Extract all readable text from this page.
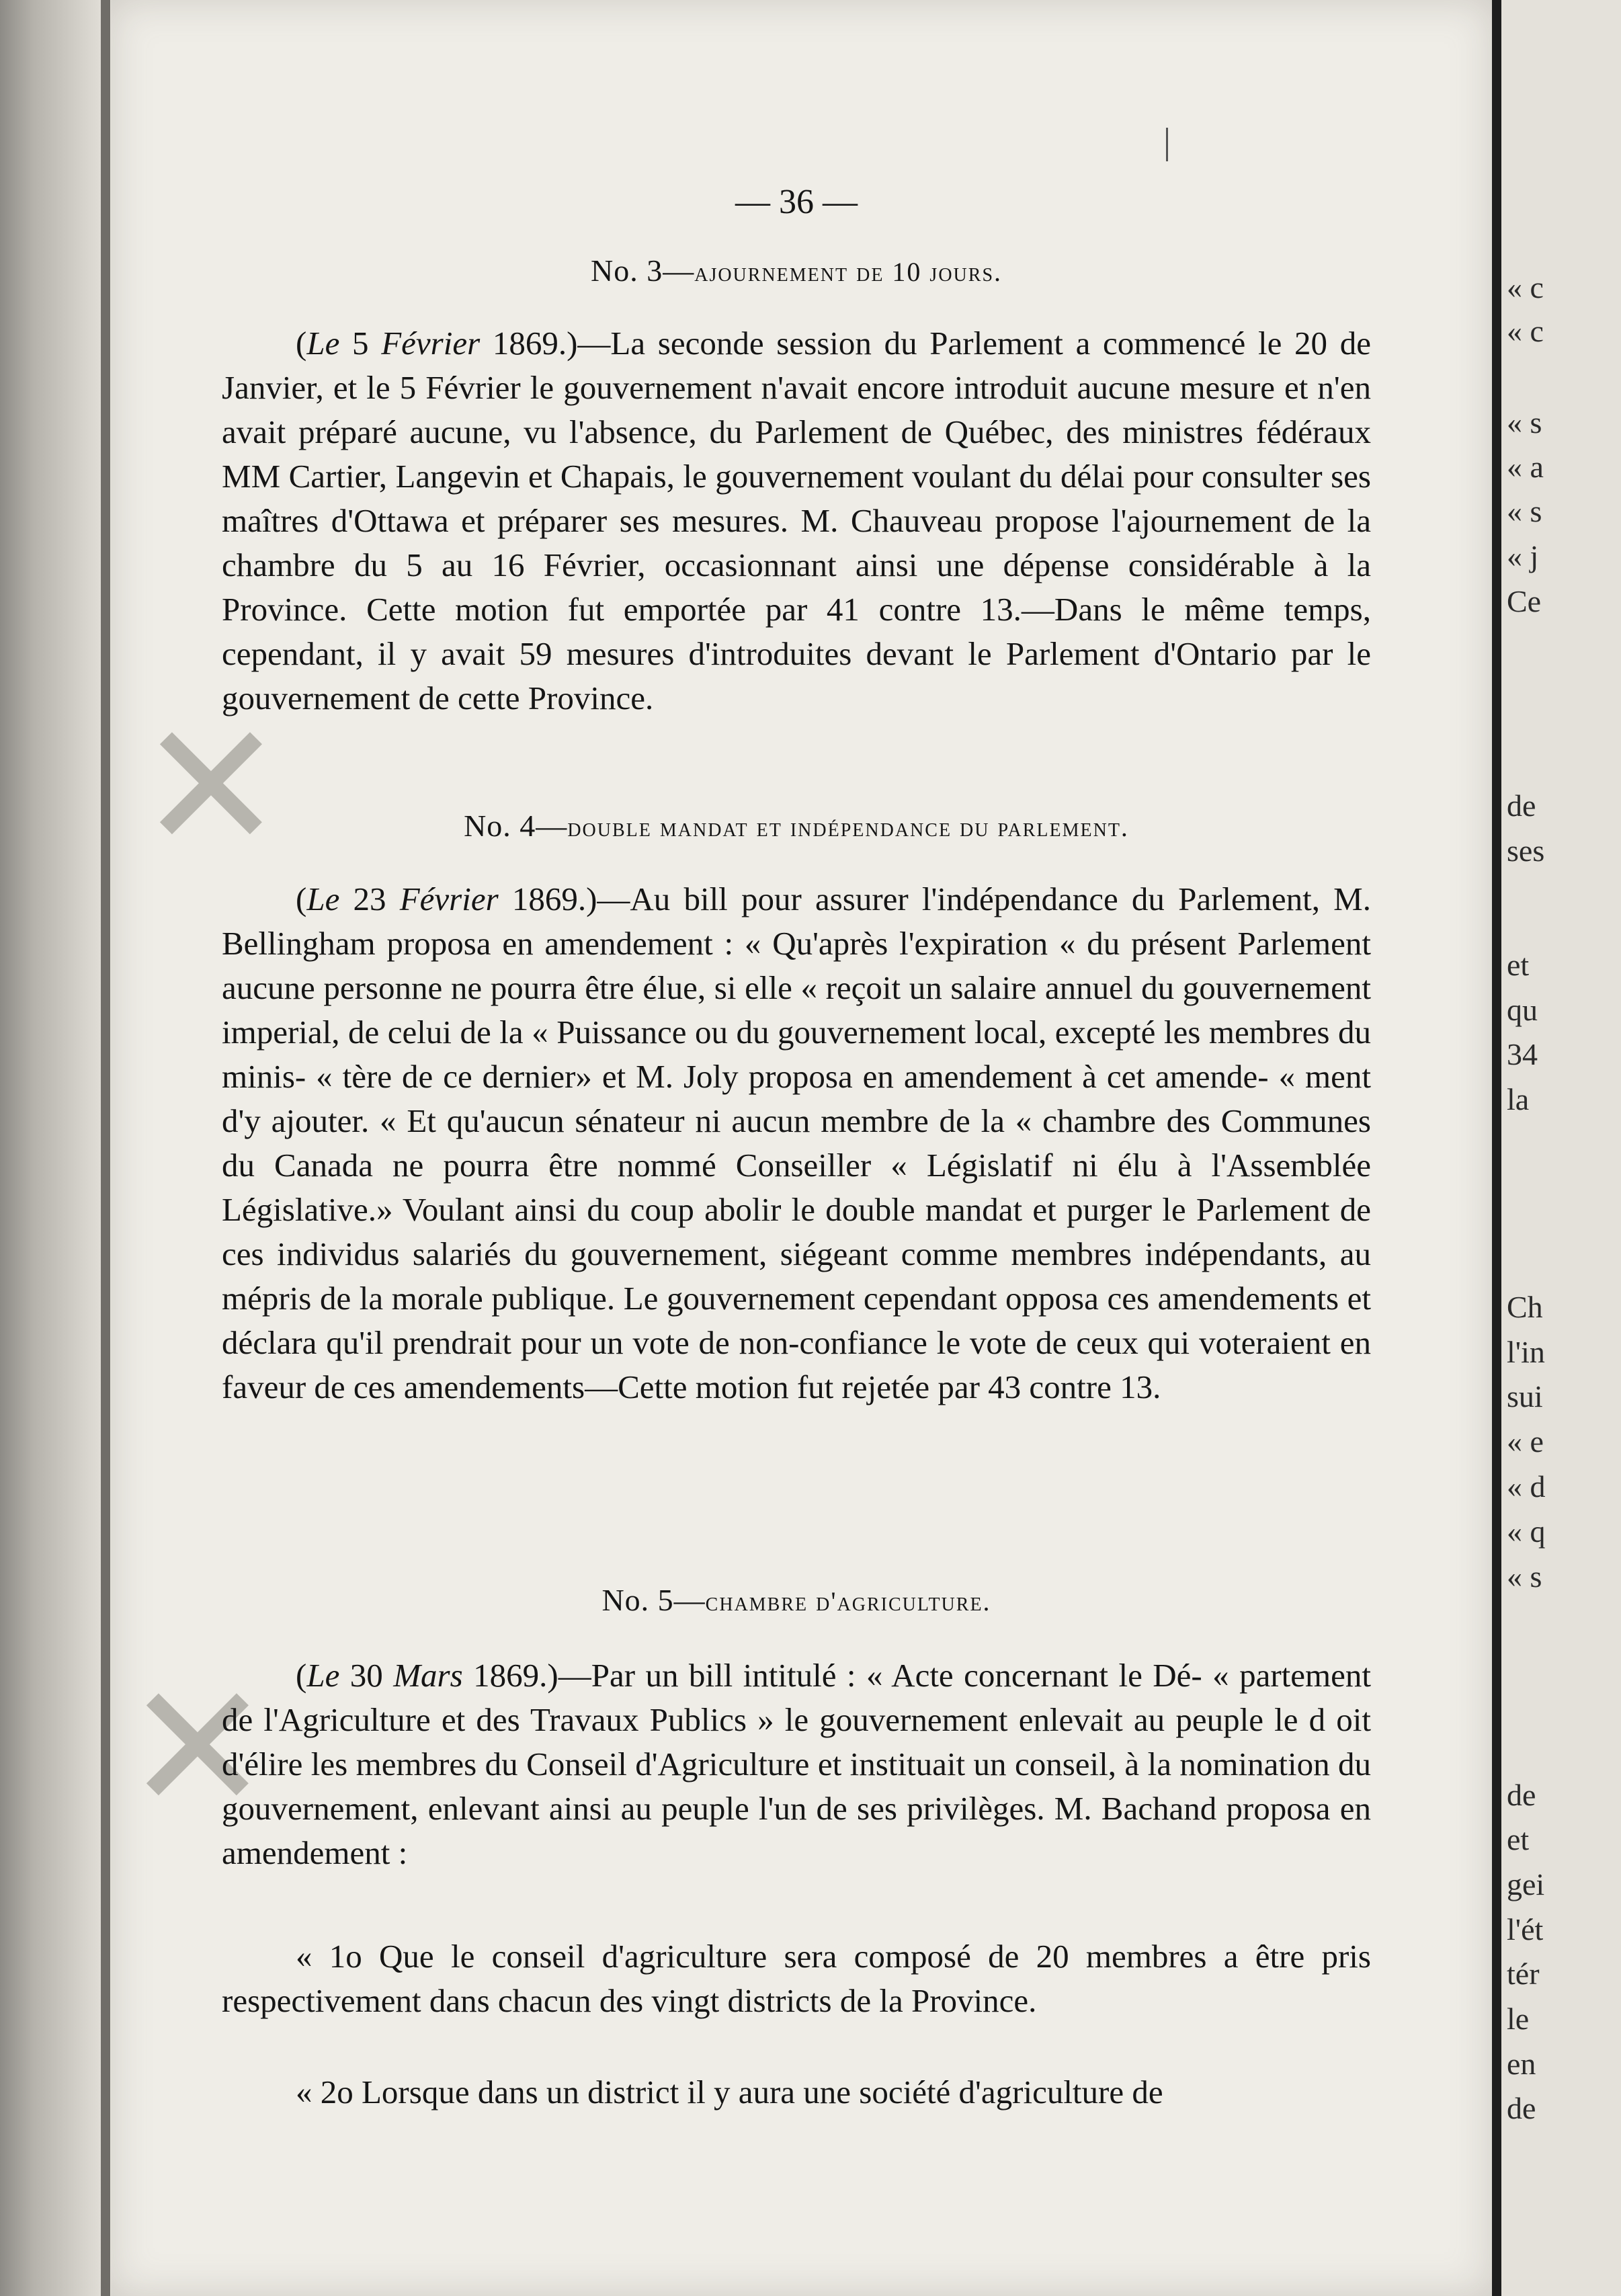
✕
✕
« c
« c
« s
« a
« s
« j
Ce
de
ses
et
qu
34
la
Ch
l'in
sui
« e
« d
« q
« s
de
et
gei
l'ét
tér
le
en
de
— 36 —
No. 3—ajournement de 10 jours.

(Le 5 Février 1869.)—La seconde session du Parlement a commencé le 20 de Janvier, et le 5 Février le gouvernement n'avait encore introduit aucune mesure et n'en avait préparé aucune, vu l'absence, du Parlement de Québec, des ministres fédéraux MM Cartier, Langevin et Chapais, le gouvernement voulant du délai pour consulter ses maîtres d'Ottawa et préparer ses mesures. M. Chauveau propose l'ajournement de la chambre du 5 au 16 Février, occasionnant ainsi une dépense considérable à la Province. Cette motion fut emportée par 41 contre 13.—Dans le même temps, cependant, il y avait 59 mesures d'introduites devant le Parlement d'Ontario par le gouvernement de cette Province.

No. 4—double mandat et indépendance du parlement.

(Le 23 Février 1869.)—Au bill pour assurer l'indépendance du Parlement, M. Bellingham proposa en amendement : « Qu'après l'expiration « du présent Parlement aucune personne ne pourra être élue, si elle « reçoit un salaire annuel du gouvernement imperial, de celui de la « Puissance ou du gouvernement local, excepté les membres du minis- « tère de ce dernier» et M. Joly proposa en amendement à cet amende- « ment d'y ajouter. « Et qu'aucun sénateur ni aucun membre de la « chambre des Communes du Canada ne pourra être nommé Conseiller « Législatif ni élu à l'Assemblée Législative.» Voulant ainsi du coup abolir le double mandat et purger le Parlement de ces individus salariés du gouvernement, siégeant comme membres indépendants, au mépris de la morale publique. Le gouvernement cependant opposa ces amendements et déclara qu'il prendrait pour un vote de non-confiance le vote de ceux qui voteraient en faveur de ces amendements—Cette motion fut rejetée par 43 contre 13.

No. 5—chambre d'agriculture.

(Le 30 Mars 1869.)—Par un bill intitulé : « Acte concernant le Dé- « partement de l'Agriculture et des Travaux Publics » le gouvernement enlevait au peuple le d oit d'élire les membres du Conseil d'Agriculture et instituait un conseil, à la nomination du gouvernement, enlevant ainsi au peuple l'un de ses privilèges. M. Bachand proposa en amendement :

« 1o Que le conseil d'agriculture sera composé de 20 membres a être pris respectivement dans chacun des vingt districts de la Province.

« 2o Lorsque dans un district il y aura une société d'agriculture de
